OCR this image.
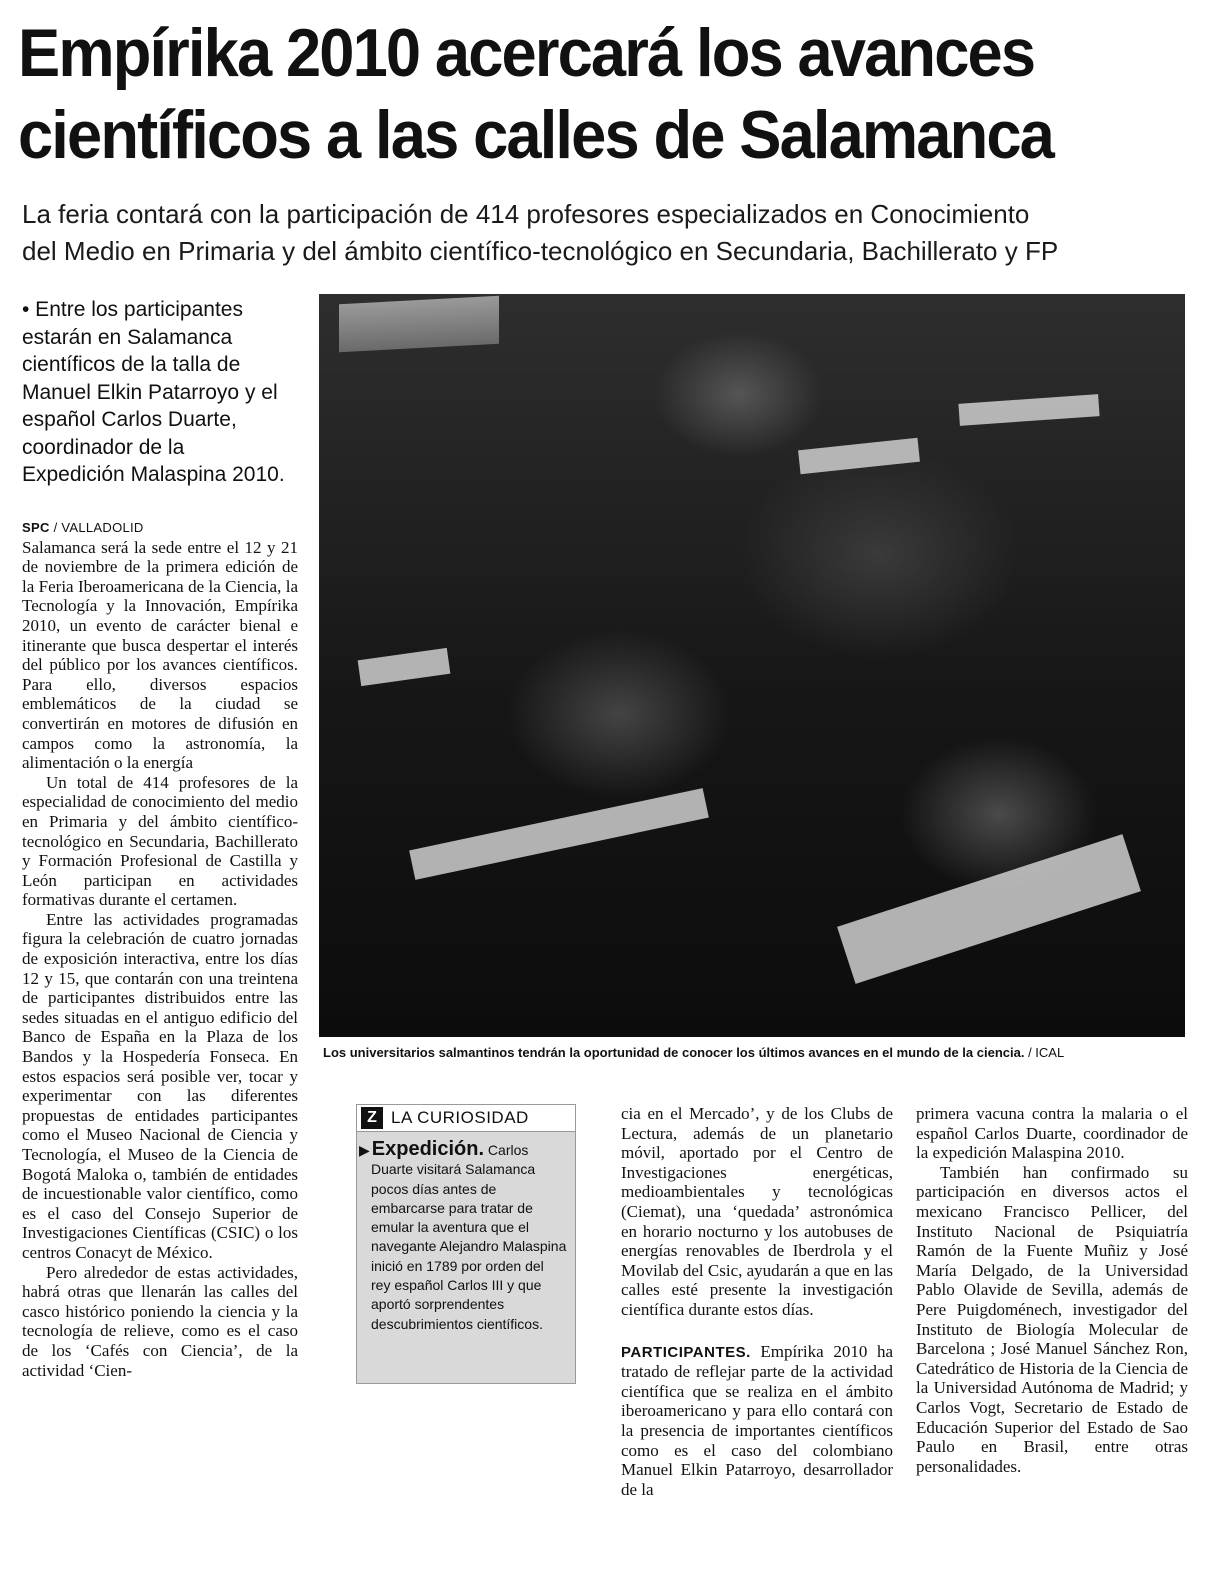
Empírika 2010 acercará los avances
científicos a las calles de Salamanca
La feria contará con la participación de 414 profesores especializados en Conocimiento
del Medio en Primaria y del ámbito científico-tecnológico en Secundaria, Bachillerato y FP
• Entre los participantes estarán en Salamanca científicos de la talla de Manuel Elkin Patarroyo y el español Carlos Duarte, coordinador de la Expedición Malaspina 2010.
SPC / VALLADOLID

Salamanca será la sede entre el 12 y 21 de noviembre de la primera edición de la Feria Iberoamericana de la Ciencia, la Tecnología y la Innovación, Empírika 2010, un evento de carácter bienal e itinerante que busca despertar el interés del público por los avances científicos. Para ello, diversos espacios emblemáticos de la ciudad se convertirán en motores de difusión en campos como la astronomía, la alimentación o la energía

Un total de 414 profesores de la especialidad de conocimiento del medio en Primaria y del ámbito científico-tecnológico en Secundaria, Bachillerato y Formación Profesional de Castilla y León participan en actividades formativas durante el certamen.

Entre las actividades programadas figura la celebración de cuatro jornadas de exposición interactiva, entre los días 12 y 15, que contarán con una treintena de participantes distribuidos entre las sedes situadas en el antiguo edificio del Banco de España en la Plaza de los Bandos y la Hospedería Fonseca. En estos espacios será posible ver, tocar y experimentar con las diferentes propuestas de entidades participantes como el Museo Nacional de Ciencia y Tecnología, el Museo de la Ciencia de Bogotá Maloka o, también de entidades de incuestionable valor científico, como es el caso del Consejo Superior de Investigaciones Científicas (CSIC) o los centros Conacyt de México.

Pero alrededor de estas actividades, habrá otras que llenarán las calles del casco histórico poniendo la ciencia y la tecnología de relieve, como es el caso de los ‘Cafés con Ciencia’, de la actividad ‘Cien-

Los universitarios salmantinos tendrán la oportunidad de conocer los últimos avances en el mundo de la ciencia. / ICAL
Z LA CURIOSIDAD
▶ Expedición. Carlos Duarte visitará Salamanca pocos días antes de embarcarse para tratar de emular la aventura que el navegante Alejandro Malaspina inició en 1789 por orden del rey español Carlos III y que aportó sorprendentes descubrimientos científicos.

cia en el Mercado’, y de los Clubs de Lectura, además de un planetario móvil, aportado por el Centro de Investigaciones energéticas, medioambientales y tecnológicas (Ciemat), una ‘quedada’ astronómica en horario nocturno y los autobuses de energías renovables de Iberdrola y el Movilab del Csic, ayudarán a que en las calles esté presente la investigación científica durante estos días.

PARTICIPANTES. Empírika 2010 ha tratado de reflejar parte de la actividad científica que se realiza en el ámbito iberoamericano y para ello contará con la presencia de importantes científicos como es el caso del colombiano Manuel Elkin Patarroyo, desarrollador de la

primera vacuna contra la malaria o el español Carlos Duarte, coordinador de la expedición Malaspina 2010.

También han confirmado su participación en diversos actos el mexicano Francisco Pellicer, del Instituto Nacional de Psiquiatría Ramón de la Fuente Muñiz y José María Delgado, de la Universidad Pablo Olavide de Sevilla, además de Pere Puigdoménech, investigador del Instituto de Biología Molecular de Barcelona ; José Manuel Sánchez Ron, Catedrático de Historia de la Ciencia de la Universidad Autónoma de Madrid; y Carlos Vogt, Secretario de Estado de Educación Superior del Estado de Sao Paulo en Brasil, entre otras personalidades.
